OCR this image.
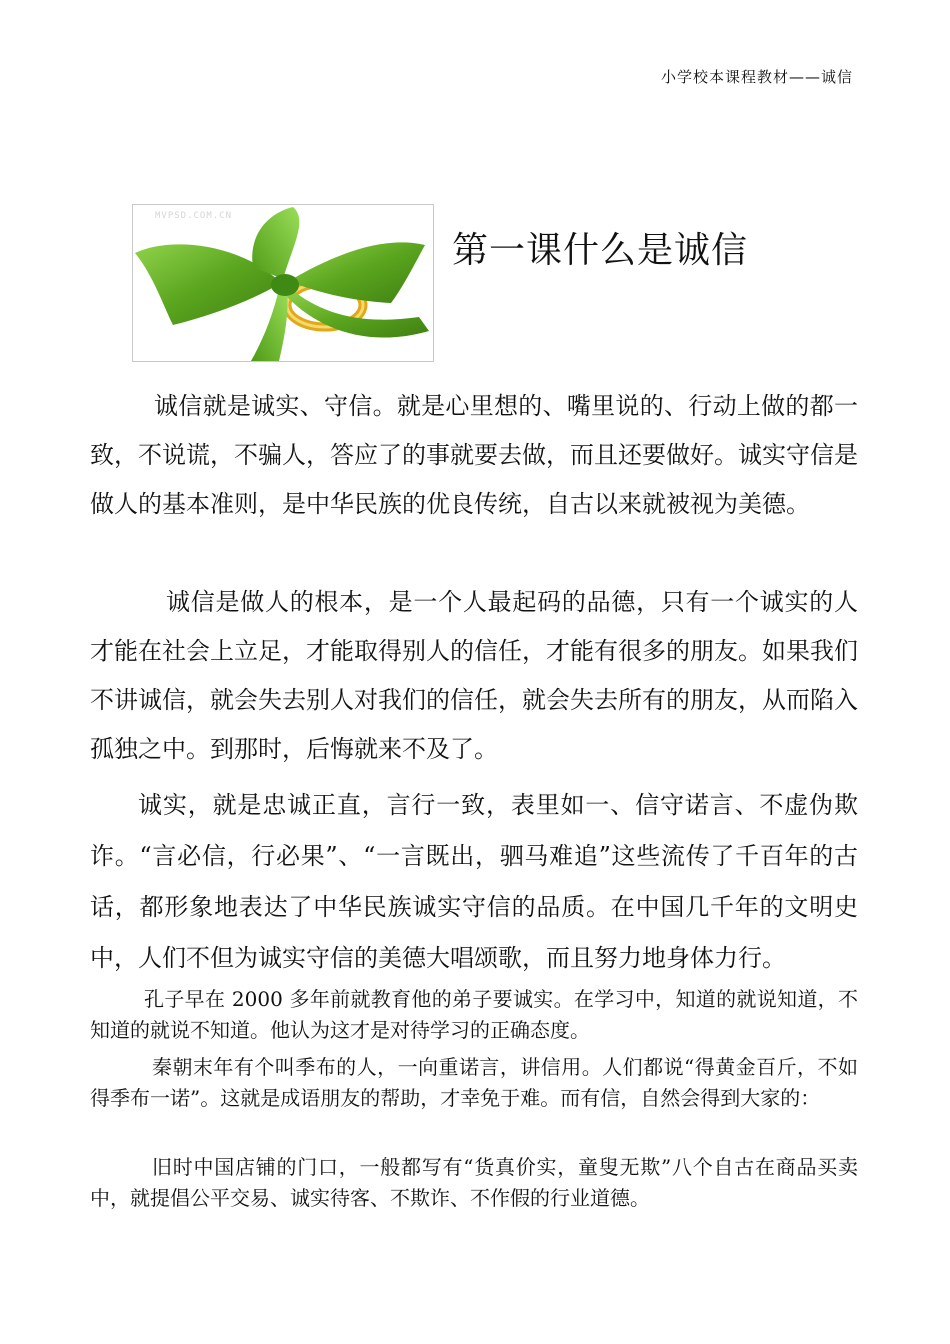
小学校本课程教材——诚信
MVPSD.COM.CN
第一课什么是诚信

诚信就是诚实、守信。就是心里想的、嘴里说的、行动上做的都一致，不说谎，不骗人，答应了的事就要去做，而且还要做好。诚实守信是做人的基本准则，是中华民族的优良传统，自古以来就被视为美德。

诚信是做人的根本，是一个人最起码的品德，只有一个诚实的人才能在社会上立足，才能取得别人的信任，才能有很多的朋友。如果我们不讲诚信，就会失去别人对我们的信任，就会失去所有的朋友，从而陷入孤独之中。到那时，后悔就来不及了。

诚实，就是忠诚正直，言行一致，表里如一、信守诺言、不虚伪欺诈。“言必信，行必果”、“一言既出，驷马难追”这些流传了千百年的古话，都形象地表达了中华民族诚实守信的品质。在中国几千年的文明史中，人们不但为诚实守信的美德大唱颂歌，而且努力地身体力行。

孔子早在 2000 多年前就教育他的弟子要诚实。在学习中，知道的就说知道，不知道的就说不知道。他认为这才是对待学习的正确态度。

秦朝末年有个叫季布的人，一向重诺言，讲信用。人们都说“得黄金百斤，不如得季布一诺”。这就是成语朋友的帮助，才幸免于难。而有信，自然会得到大家的：

旧时中国店铺的门口，一般都写有“货真价实，童叟无欺”八个自古在商品买卖中，就提倡公平交易、诚实待客、不欺诈、不作假的行业道德。
